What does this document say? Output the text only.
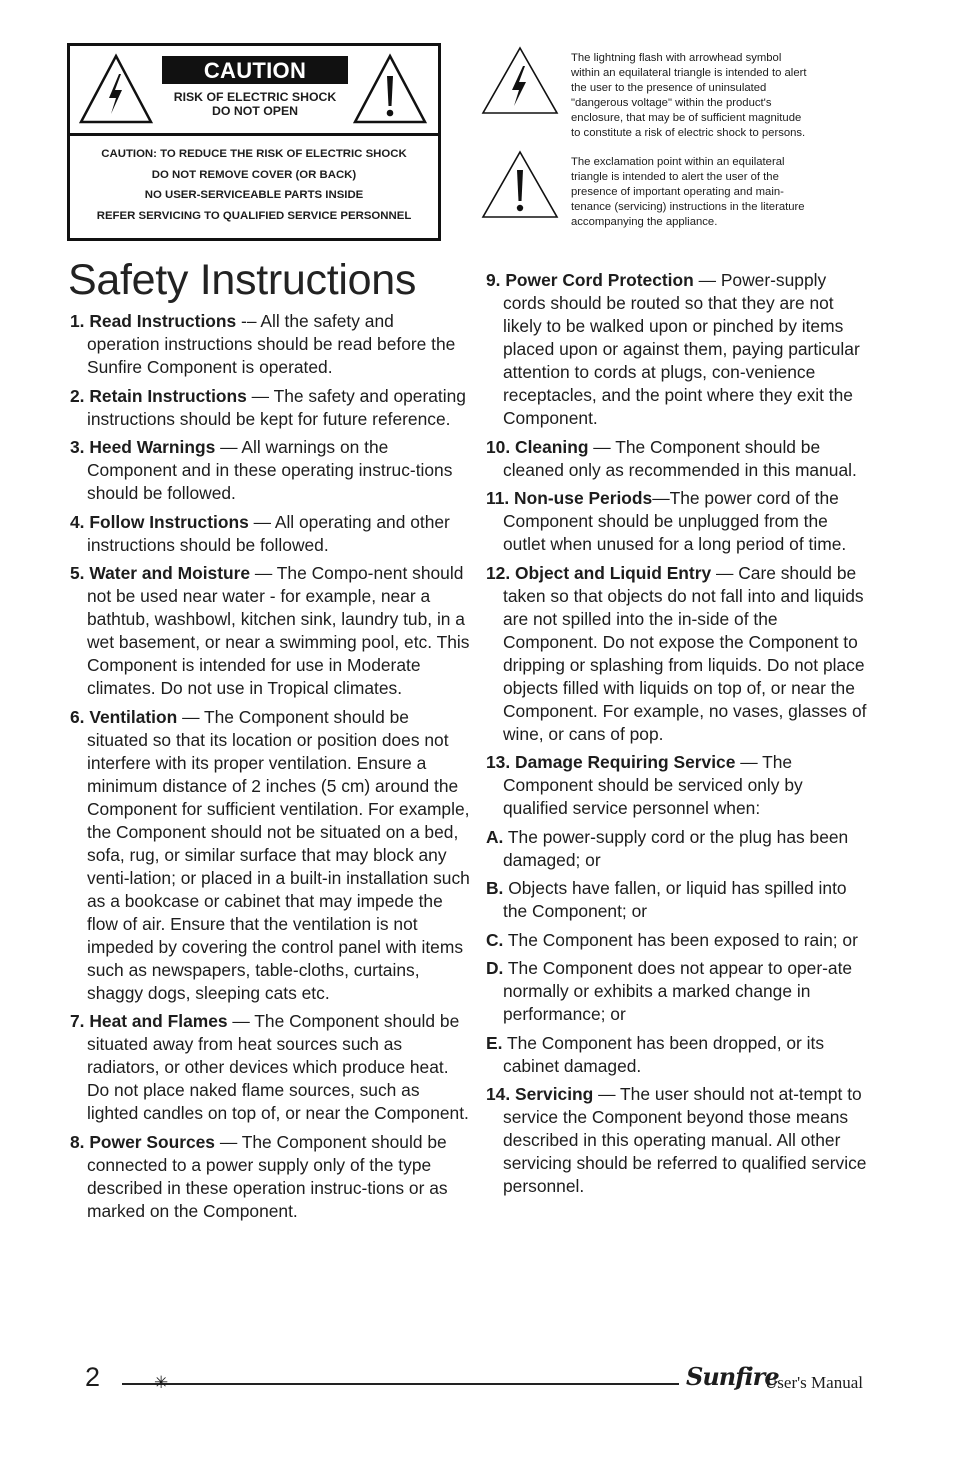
CAUTION
RISK OF ELECTRIC SHOCK
DO NOT OPEN
CAUTION: TO REDUCE THE RISK OF ELECTRIC SHOCK
DO NOT REMOVE COVER (OR BACK)
NO USER-SERVICEABLE PARTS INSIDE
REFER SERVICING TO QUALIFIED SERVICE PERSONNEL
The lightning flash with arrowhead symbol
within an equilateral triangle is intended to alert
the user to the presence of uninsulated
"dangerous voltage" within the product's
enclosure, that may be of sufficient magnitude
to constitute a risk of electric shock to persons.
The exclamation point within an equilateral
triangle is intended to alert the user of the
presence of important operating and main-
tenance (servicing) instructions in the literature
accompanying the appliance.
Safety Instructions
1. Read Instructions -– All the safety and operation instructions should be read before the Sunfire Component is operated.
2. Retain Instructions — The safety and operating instructions should be kept for future reference.
3. Heed Warnings — All warnings on the Component and in these operating instruc-tions should be followed.
4. Follow Instructions — All operating and other instructions should be followed.
5. Water and Moisture — The Compo-nent should not be used near water - for example, near a bathtub, washbowl, kitchen sink, laundry tub, in a wet basement, or near a swimming pool, etc. This Component is intended for use in Moderate climates. Do not use in Tropical climates.
6. Ventilation — The Component should be situated so that its location or position does not interfere with its proper ventilation. Ensure a minimum distance of 2 inches (5 cm) around the Component for sufficient ventilation. For example, the Component should not be situated on a bed, sofa, rug, or similar surface that may block any venti-lation; or placed in a built-in installation such as a bookcase or cabinet that may impede the flow of air. Ensure that the ventilation is not impeded by covering the control panel with items such as newspapers, table-cloths, curtains, shaggy dogs, sleeping cats etc.
7. Heat and Flames — The Component should be situated away from heat sources such as radiators, or other devices which produce heat. Do not place naked flame sources, such as lighted candles on top of, or near the Component.
8. Power Sources — The Component should be connected to a power supply only of the type described in these operation instruc-tions or as marked on the Component.
9. Power Cord Protection — Power-supply cords should be routed so that they are not likely to be walked upon or pinched by items placed upon or against them, paying particular attention to cords at plugs, con-venience receptacles, and the point where they exit the Component.
10. Cleaning — The Component should be cleaned only as recommended in this manual.
11. Non-use Periods—The power cord of the Component should be unplugged from the outlet when unused for a long period of time.
12. Object and Liquid Entry — Care should be taken so that objects do not fall into and liquids are not spilled into the in-side of the Component. Do not expose the Component to dripping or splashing from liquids. Do not place objects filled with liquids on top of, or near the Component. For example, no vases, glasses of wine, or cans of pop.
13. Damage Requiring Service — The Component should be serviced only by qualified service personnel when:
A. The power-supply cord or the plug has been damaged; or
B. Objects have fallen, or liquid has spilled into the Component; or
C. The Component has been exposed to rain; or
D. The Component does not appear to oper-ate normally or exhibits a marked change in performance; or
E. The Component has been dropped, or its cabinet damaged.
14. Servicing — The user should not at-tempt to service the Component beyond those means described in this operating manual. All other servicing should be referred to qualified service personnel.
2	✳	Sunfire
User's Manual
